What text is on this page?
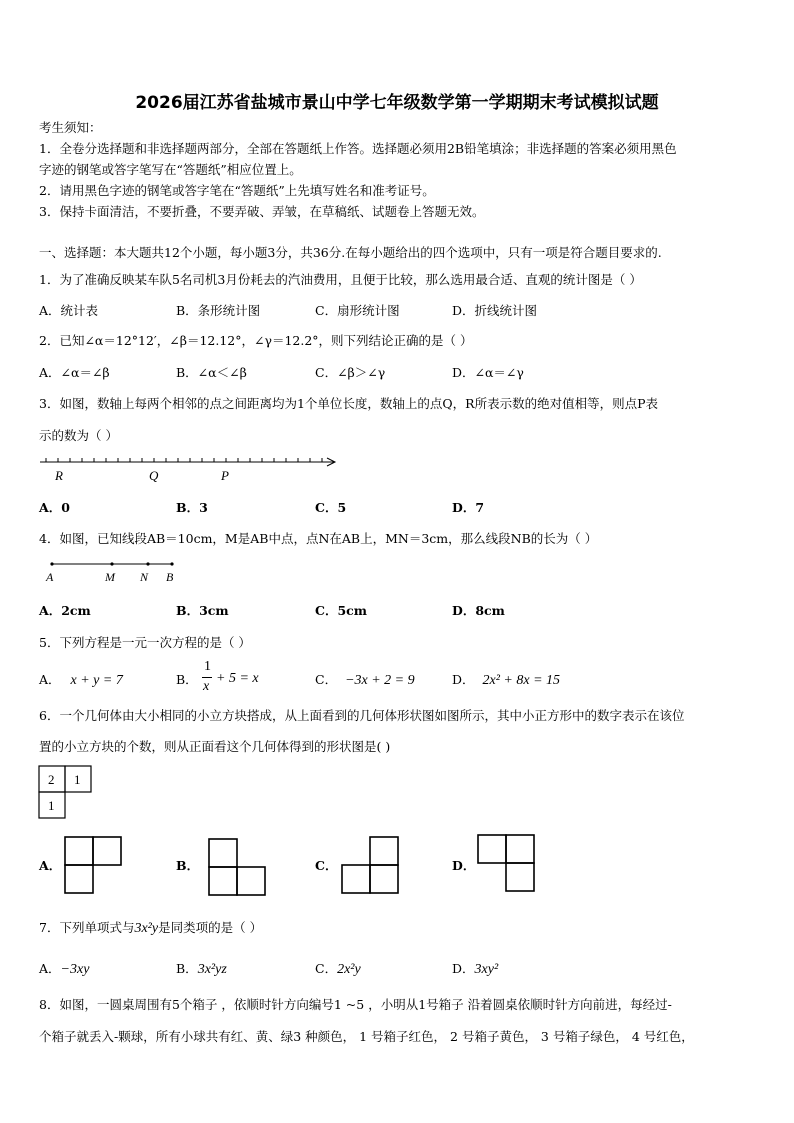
2026届江苏省盐城市景山中学七年级数学第一学期期末考试模拟试题
考生须知：
1．全卷分选择题和非选择题两部分，全部在答题纸上作答。选择题必须用2B铅笔填涂；非选择题的答案必须用黑色
字迹的钢笔或答字笔写在“答题纸”相应位置上。
2．请用黑色字迹的钢笔或答字笔在“答题纸”上先填写姓名和准考证号。
3．保持卡面清洁，不要折叠，不要弄破、弄皱，在草稿纸、试题卷上答题无效。
一、选择题：本大题共12个小题，每小题3分，共36分.在每小题给出的四个选项中，只有一项是符合题目要求的.
1．为了准确反映某车队5名司机3月份耗去的汽油费用，且便于比较，那么选用最合适、直观的统计图是（ ）
A．统计表	B．条形统计图	C．扇形统计图	D．折线统计图
2．已知∠α＝12°12′，∠β＝12.12°，∠γ＝12.2°，则下列结论正确的是（ ）
A．∠α＝∠β	B．∠α＜∠β	C．∠β＞∠γ	D．∠α＝∠γ
3．如图，数轴上每两个相邻的点之间距离均为1个单位长度，数轴上的点Q，R所表示数的绝对值相等，则点P表
示的数为（ ）
R	Q	P
A．0	B．3	C．5	D．7
4．如图，已知线段AB＝10cm，M是AB中点，点N在AB上，MN＝3cm，那么线段NB的长为（ ）
A	M N B
A．2cm	B．3cm	C．5cm	D．8cm
5．下列方程是一元一次方程的是（ ）
A． x + y = 7	B．
1
x
+ 5 = x	C． −3x + 2 = 9	D． 2x² + 8x = 15
6．一个几何体由大小相同的小立方块搭成，从上面看到的几何体形状图如图所示，其中小正方形中的数字表示在该位
置的小立方块的个数，则从正面看这个几何体得到的形状图是( )
2 1
1
A．	B．	C．	D．
7．下列单项式与3x²y是同类项的是（ ）
A．−3xy	B．3x²yz	C．2x²y	D．3xy²
8．如图，一圆桌周围有5个箱子 ，依顺时针方向编号1 ~5 ，小明从1号箱子 沿着圆桌依顺时针方向前进，每经过-
个箱子就丢入-颗球，所有小球共有红、黄、绿3 种颜色， 1 号箱子红色， 2 号箱子黄色， 3 号箱子绿色， 4 号红色，
